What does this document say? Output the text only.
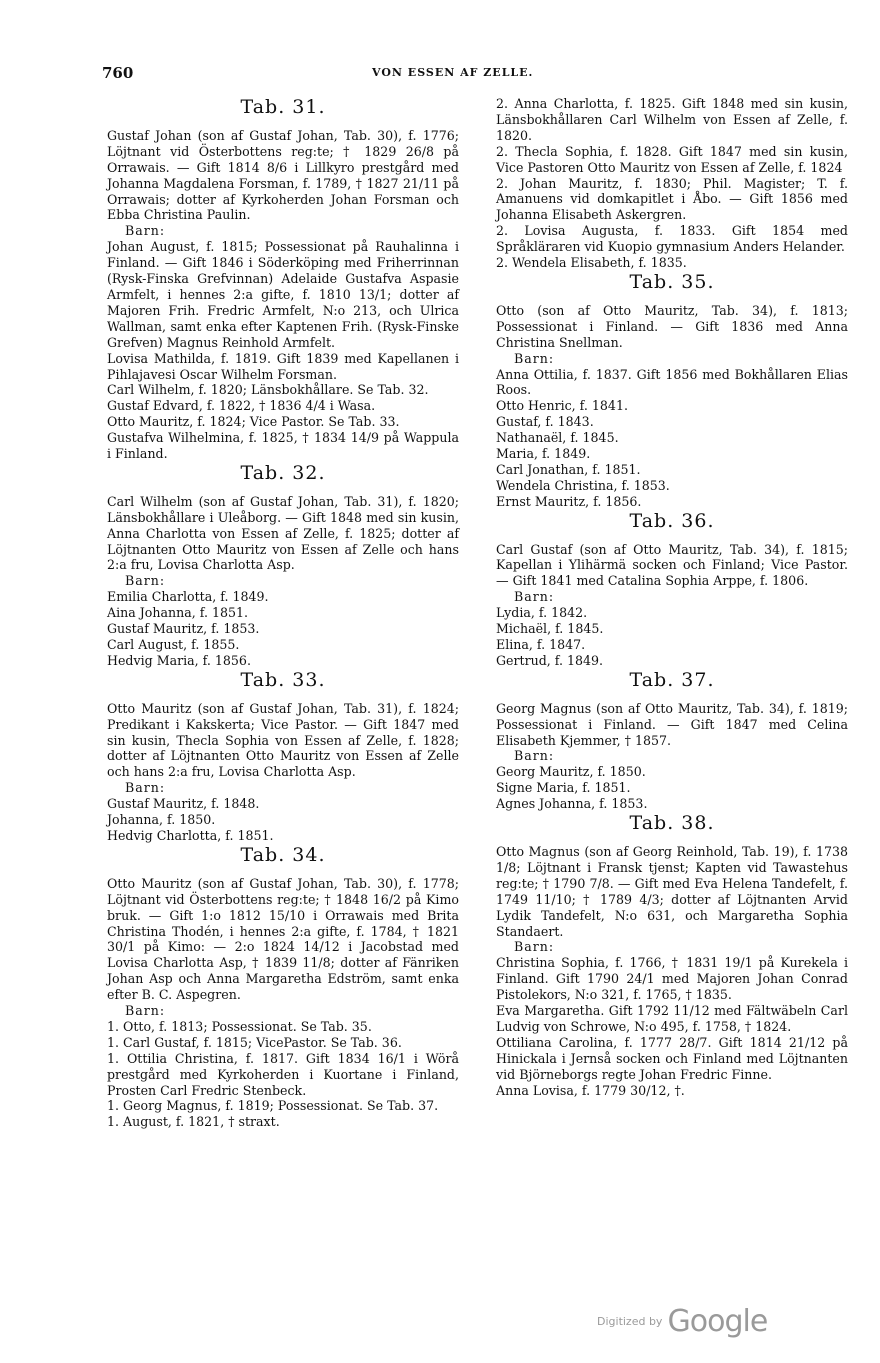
760	VON ESSEN AF ZELLE.
Tab. 31.

Gustaf Johan (son af Gustaf Johan, Tab. 30), f. 1776; Löjtnant vid Österbottens reg:te; † 1829 26/8 på Orrawais. — Gift 1814 8/6 i Lillkyro prestgård med Johanna Magdalena Forsman, f. 1789, † 1827 21/11 på Orrawais; dotter af Kyrkoherden Johan Forsman och Ebba Christina Paulin.

Barn:
Johan August, f. 1815; Possessionat på Rauhalinna i Finland. — Gift 1846 i Söderköping med Friherrinnan (Rysk-Finska Grefvinnan) Adelaide Gustafva Aspasie Armfelt, i hennes 2:a gifte, f. 1810 13/1; dotter af Majoren Frih. Fredric Armfelt, N:o 213, och Ulrica Wallman, samt enka efter Kaptenen Frih. (Rysk-Finske Grefven) Magnus Reinhold Armfelt.
Lovisa Mathilda, f. 1819. Gift 1839 med Kapellanen i Pihlajavesi Oscar Wilhelm Forsman.
Carl Wilhelm, f. 1820; Länsbokhållare. Se Tab. 32.
Gustaf Edvard, f. 1822, † 1836 4/4 i Wasa.
Otto Mauritz, f. 1824; Vice Pastor. Se Tab. 33.
Gustafva Wilhelmina, f. 1825, † 1834 14/9 på Wappula i Finland.
Tab. 32.

Carl Wilhelm (son af Gustaf Johan, Tab. 31), f. 1820; Länsbokhållare i Uleåborg. — Gift 1848 med sin kusin, Anna Charlotta von Essen af Zelle, f. 1825; dotter af Löjtnanten Otto Mauritz von Essen af Zelle och hans 2:a fru, Lovisa Charlotta Asp.

Barn:
Emilia Charlotta, f. 1849.
Aina Johanna, f. 1851.
Gustaf Mauritz, f. 1853.
Carl August, f. 1855.
Hedvig Maria, f. 1856.
Tab. 33.

Otto Mauritz (son af Gustaf Johan, Tab. 31), f. 1824; Predikant i Kakskerta; Vice Pastor. — Gift 1847 med sin kusin, Thecla Sophia von Essen af Zelle, f. 1828; dotter af Löjtnanten Otto Mauritz von Essen af Zelle och hans 2:a fru, Lovisa Charlotta Asp.

Barn:
Gustaf Mauritz, f. 1848.
Johanna, f. 1850.
Hedvig Charlotta, f. 1851.
Tab. 34.

Otto Mauritz (son af Gustaf Johan, Tab. 30), f. 1778; Löjtnant vid Österbottens reg:te; † 1848 16/2 på Kimo bruk. — Gift 1:o 1812 15/10 i Orrawais med Brita Christina Thodén, i hennes 2:a gifte, f. 1784, † 1821 30/1 på Kimo: — 2:o 1824 14/12 i Jacobstad med Lovisa Charlotta Asp, † 1839 11/8; dotter af Fänriken Johan Asp och Anna Margaretha Edström, samt enka efter B. C. Aspegren.

Barn:
1. Otto, f. 1813; Possessionat. Se Tab. 35.
1. Carl Gustaf, f. 1815; VicePastor. Se Tab. 36.
1. Ottilia Christina, f. 1817. Gift 1834 16/1 i Wörå prestgård med Kyrkoherden i Kuortane i Finland, Prosten Carl Fredric Stenbeck.
1. Georg Magnus, f. 1819; Possessionat. Se Tab. 37.
1. August, f. 1821, † straxt.
2. Anna Charlotta, f. 1825. Gift 1848 med sin kusin, Länsbokhållaren Carl Wilhelm von Essen af Zelle, f. 1820.
2. Thecla Sophia, f. 1828. Gift 1847 med sin kusin, Vice Pastoren Otto Mauritz von Essen af Zelle, f. 1824
2. Johan Mauritz, f. 1830; Phil. Magister; T. f. Amanuens vid domkapitlet i Åbo. — Gift 1856 med Johanna Elisabeth Askergren.
2. Lovisa Augusta, f. 1833. Gift 1854 med Språkläraren vid Kuopio gymnasium Anders Helander.
2. Wendela Elisabeth, f. 1835.
Tab. 35.

Otto (son af Otto Mauritz, Tab. 34), f. 1813; Possessionat i Finland. — Gift 1836 med Anna Christina Snellman.

Barn:
Anna Ottilia, f. 1837. Gift 1856 med Bokhållaren Elias Roos.
Otto Henric, f. 1841.
Gustaf, f. 1843.
Nathanaël, f. 1845.
Maria, f. 1849.
Carl Jonathan, f. 1851.
Wendela Christina, f. 1853.
Ernst Mauritz, f. 1856.
Tab. 36.

Carl Gustaf (son af Otto Mauritz, Tab. 34), f. 1815; Kapellan i Ylihärmä socken och Finland; Vice Pastor. — Gift 1841 med Catalina Sophia Arppe, f. 1806.

Barn:
Lydia, f. 1842.
Michaël, f. 1845.
Elina, f. 1847.
Gertrud, f. 1849.
Tab. 37.

Georg Magnus (son af Otto Mauritz, Tab. 34), f. 1819; Possessionat i Finland. — Gift 1847 med Celina Elisabeth Kjemmer, † 1857.

Barn:
Georg Mauritz, f. 1850.
Signe Maria, f. 1851.
Agnes Johanna, f. 1853.
Tab. 38.

Otto Magnus (son af Georg Reinhold, Tab. 19), f. 1738 1/8; Löjtnant i Fransk tjenst; Kapten vid Tawastehus reg:te; † 1790 7/8. — Gift med Eva Helena Tandefelt, f. 1749 11/10; † 1789 4/3; dotter af Löjtnanten Arvid Lydik Tandefelt, N:o 631, och Margaretha Sophia Standaert.

Barn:
Christina Sophia, f. 1766, † 1831 19/1 på Kurekela i Finland. Gift 1790 24/1 med Majoren Johan Conrad Pistolekors, N:o 321, f. 1765, † 1835.
Eva Margaretha. Gift 1792 11/12 med Fältwäbeln Carl Ludvig von Schrowe, N:o 495, f. 1758, † 1824.
Ottiliana Carolina, f. 1777 28/7. Gift 1814 21/12 på Hinickala i Jernså socken och Finland med Löjtnanten vid Björneborgs regte Johan Fredric Finne.
Anna Lovisa, f. 1779 30/12, †.
Digitized by Google
